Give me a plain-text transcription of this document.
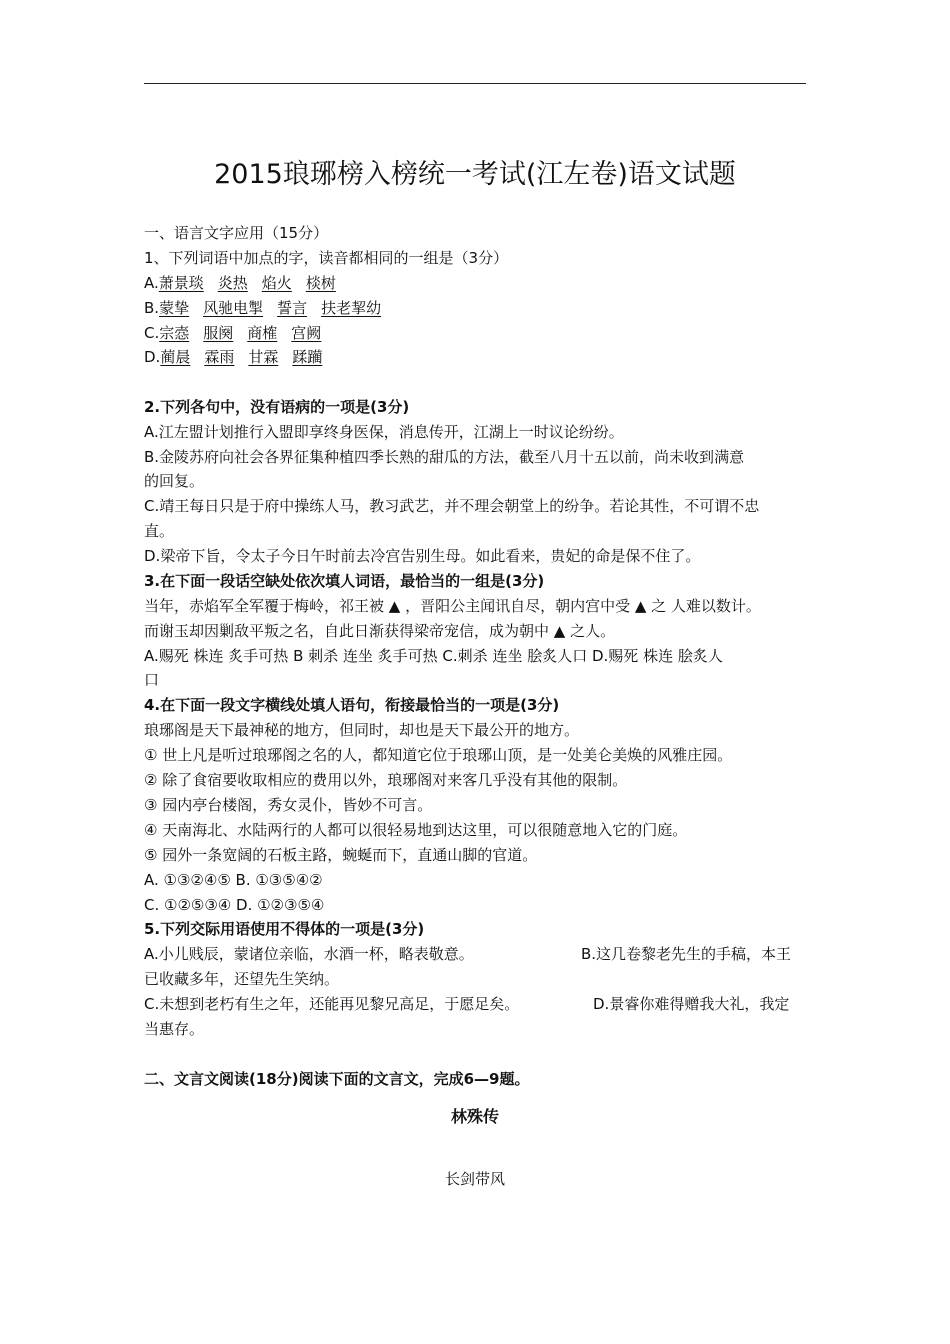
2015琅琊榜入榜统一考试(江左卷)语文试题
一、语言文字应用（15分）
1、下列词语中加点的字，读音都相同的一组是（3分）
A.萧景琰 炎热 焰火 棪树
B.蒙挚 风驰电掣 誓言 扶老挈幼
C.宗悫 服阕 商榷 宫阙
D.蔺晨 霖雨 甘霖 蹂躏
2.下列各句中，没有语病的一项是(3分)
A.江左盟计划推行入盟即享终身医保，消息传开，江湖上一时议论纷纷。
B.金陵苏府向社会各界征集种植四季长熟的甜瓜的方法，截至八月十五以前，尚未收到满意
的回复。
C.靖王每日只是于府中操练人马，教习武艺，并不理会朝堂上的纷争。若论其性，不可谓不忠
直。
D.梁帝下旨，令太子今日午时前去冷宫告别生母。如此看来，贵妃的命是保不住了。
3.在下面一段话空缺处依次填人词语，最恰当的一组是(3分)
当年，赤焰军全军覆于梅岭，祁王被 ▲ ，晋阳公主闻讯自尽，朝内宫中受 ▲ 之 人难以数计。
而谢玉却因剿敌平叛之名，自此日渐获得梁帝宠信，成为朝中 ▲ 之人。
A.赐死 株连 炙手可热 B 刺杀 连坐 炙手可热 C.刺杀 连坐 脍炙人口 D.赐死 株连 脍炙人
口
4.在下面一段文字横线处填人语句，衔接最恰当的一项是(3分)
琅琊阁是天下最神秘的地方，但同时，却也是天下最公开的地方。
① 世上凡是听过琅琊阁之名的人，都知道它位于琅琊山顶，是一处美仑美焕的风雅庄园。
② 除了食宿要收取相应的费用以外，琅琊阁对来客几乎没有其他的限制。
③ 园内亭台楼阁，秀女灵仆，皆妙不可言。
④ 天南海北、水陆两行的人都可以很轻易地到达这里，可以很随意地入它的门庭。
⑤ 园外一条宽阔的石板主路，蜿蜒而下，直通山脚的官道。
A. ①③②④⑤ B. ①③⑤④②
C. ①②⑤③④ D. ①②③⑤④
5.下列交际用语使用不得体的一项是(3分)
A.小儿贱辰，蒙诸位亲临，水酒一杯，略表敬意。	B.这几卷黎老先生的手稿，本王
已收藏多年，还望先生笑纳。
C.未想到老朽有生之年，还能再见黎兄高足，于愿足矣。	D.景睿你难得赠我大礼，我定
当惠存。
二、文言文阅读(18分)阅读下面的文言文，完成6—9题。
林殊传
长剑带风
